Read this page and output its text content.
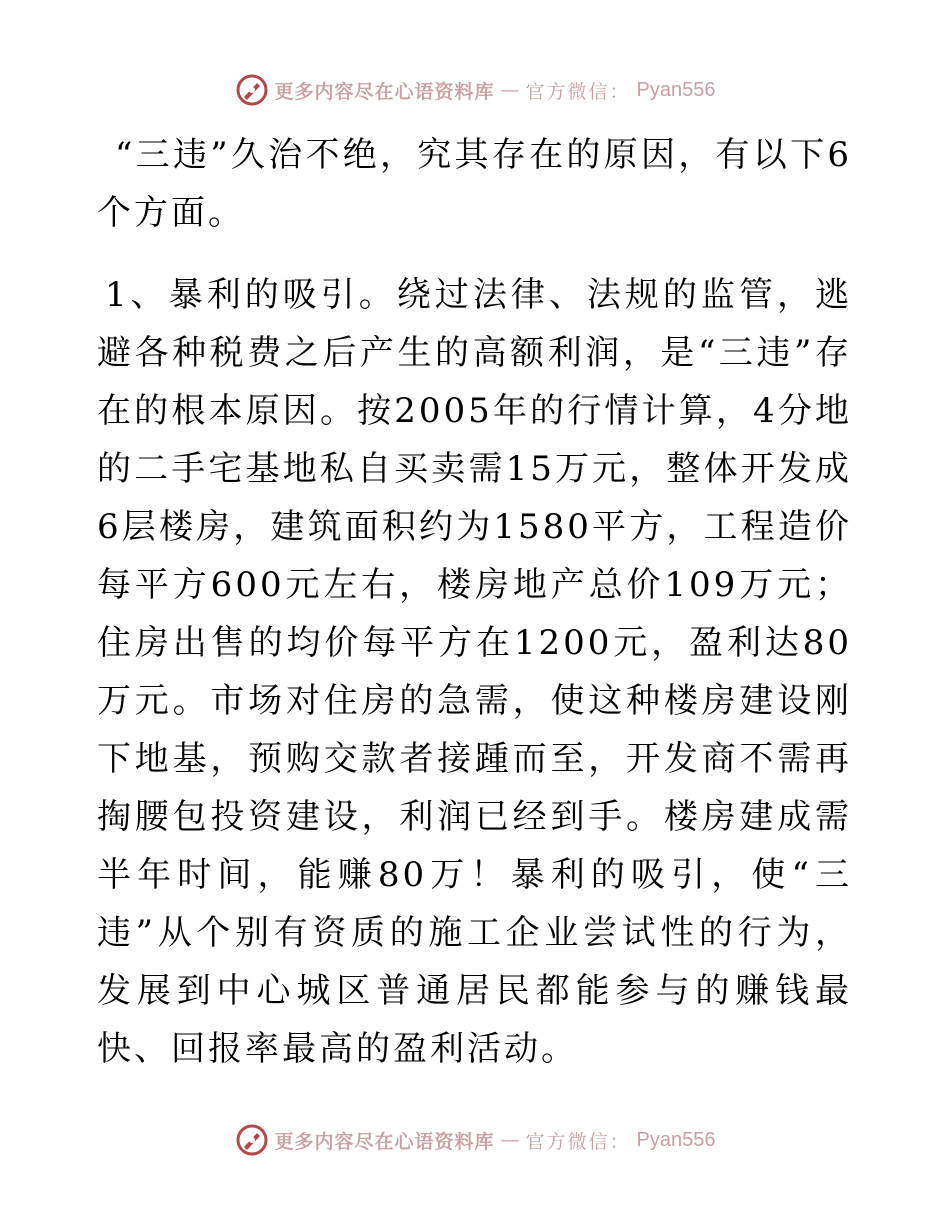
更多内容尽在心语资料库 — 官方微信： Pyan556

“三违”久治不绝，究其存在的原因，有以下6个方面。

1、暴利的吸引。绕过法律、法规的监管，逃避各种税费之后产生的高额利润，是“三违”存在的根本原因。按2005年的行情计算，4分地的二手宅基地私自买卖需15万元，整体开发成6层楼房，建筑面积约为1580平方，工程造价每平方600元左右，楼房地产总价109万元；住房出售的均价每平方在1200元，盈利达80万元。市场对住房的急需，使这种楼房建设刚下地基，预购交款者接踵而至，开发商不需再掏腰包投资建设，利润已经到手。楼房建成需半年时间，能赚80万！暴利的吸引，使“三违”从个别有资质的施工企业尝试性的行为，发展到中心城区普通居民都能参与的赚钱最快、回报率最高的盈利活动。

更多内容尽在心语资料库 — 官方微信： Pyan556
